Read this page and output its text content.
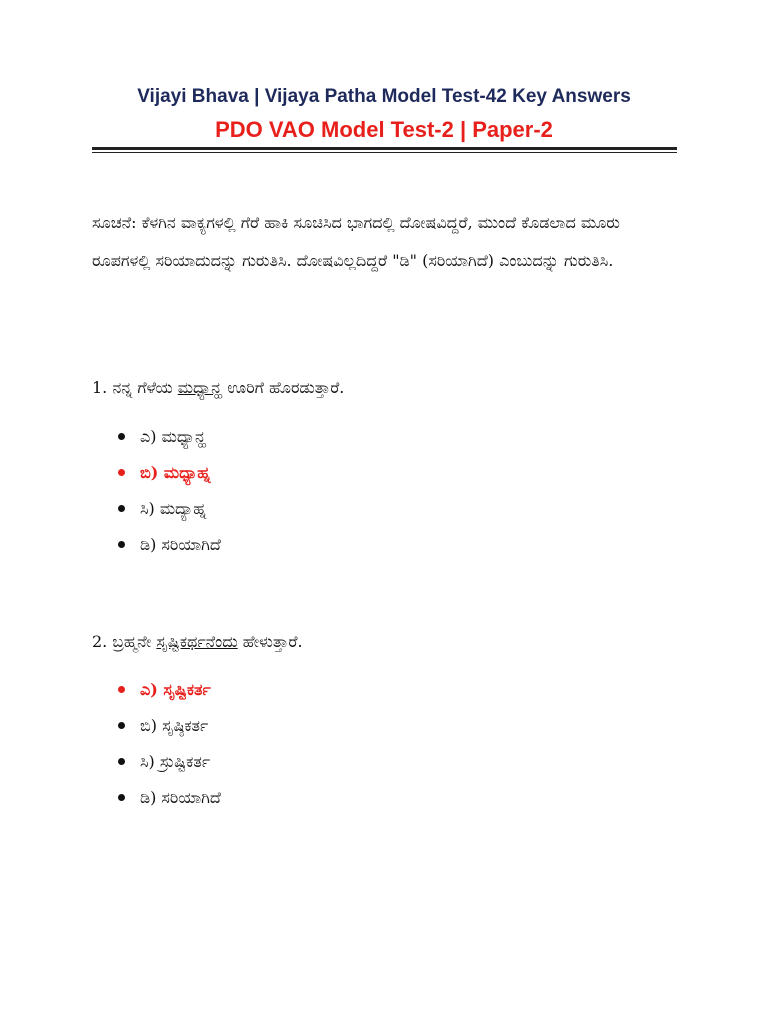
Vijayi Bhava | Vijaya Patha Model Test-42 Key Answers
PDO VAO Model Test-2 | Paper-2
ಸೂಚನೆ: ಕೆಳಗಿನ ವಾಕ್ಯಗಳಲ್ಲಿ ಗೆರೆ ಹಾಕಿ ಸೂಚಿಸಿದ ಭಾಗದಲ್ಲಿ ದೋಷವಿದ್ದರೆ, ಮುಂದೆ ಕೊಡಲಾದ ಮೂರು ರೂಪಗಳಲ್ಲಿ ಸರಿಯಾದುದನ್ನು ಗುರುತಿಸಿ. ದೋಷವಿಲ್ಲದಿದ್ದರೆ "ಡಿ" (ಸರಿಯಾಗಿದೆ) ಎಂಬುದನ್ನು ಗುರುತಿಸಿ.
1. ನನ್ನ ಗೆಳೆಯ ಮಧ್ಯಾನ್ಹ ಊರಿಗೆ ಹೊರಡುತ್ತಾರೆ.
ಎ) ಮಧ್ಯಾನ್ಹ
ಬಿ) ಮಧ್ಯಾಹ್ನ
ಸಿ) ಮದ್ಯಾಹ್ನ
ಡಿ) ಸರಿಯಾಗಿದೆ
2. ಬ್ರಹ್ಮನೇ ಸೃಷ್ಟಿಕರ್ಥನೆಂದು ಹೇಳುತ್ತಾರೆ.
ಎ) ಸೃಷ್ಟಿಕರ್ತ
ಬಿ) ಸೃಷ್ಠಿಕರ್ತ
ಸಿ) ಸ್ರುಷ್ಟಿಕರ್ತ
ಡಿ) ಸರಿಯಾಗಿದೆ
